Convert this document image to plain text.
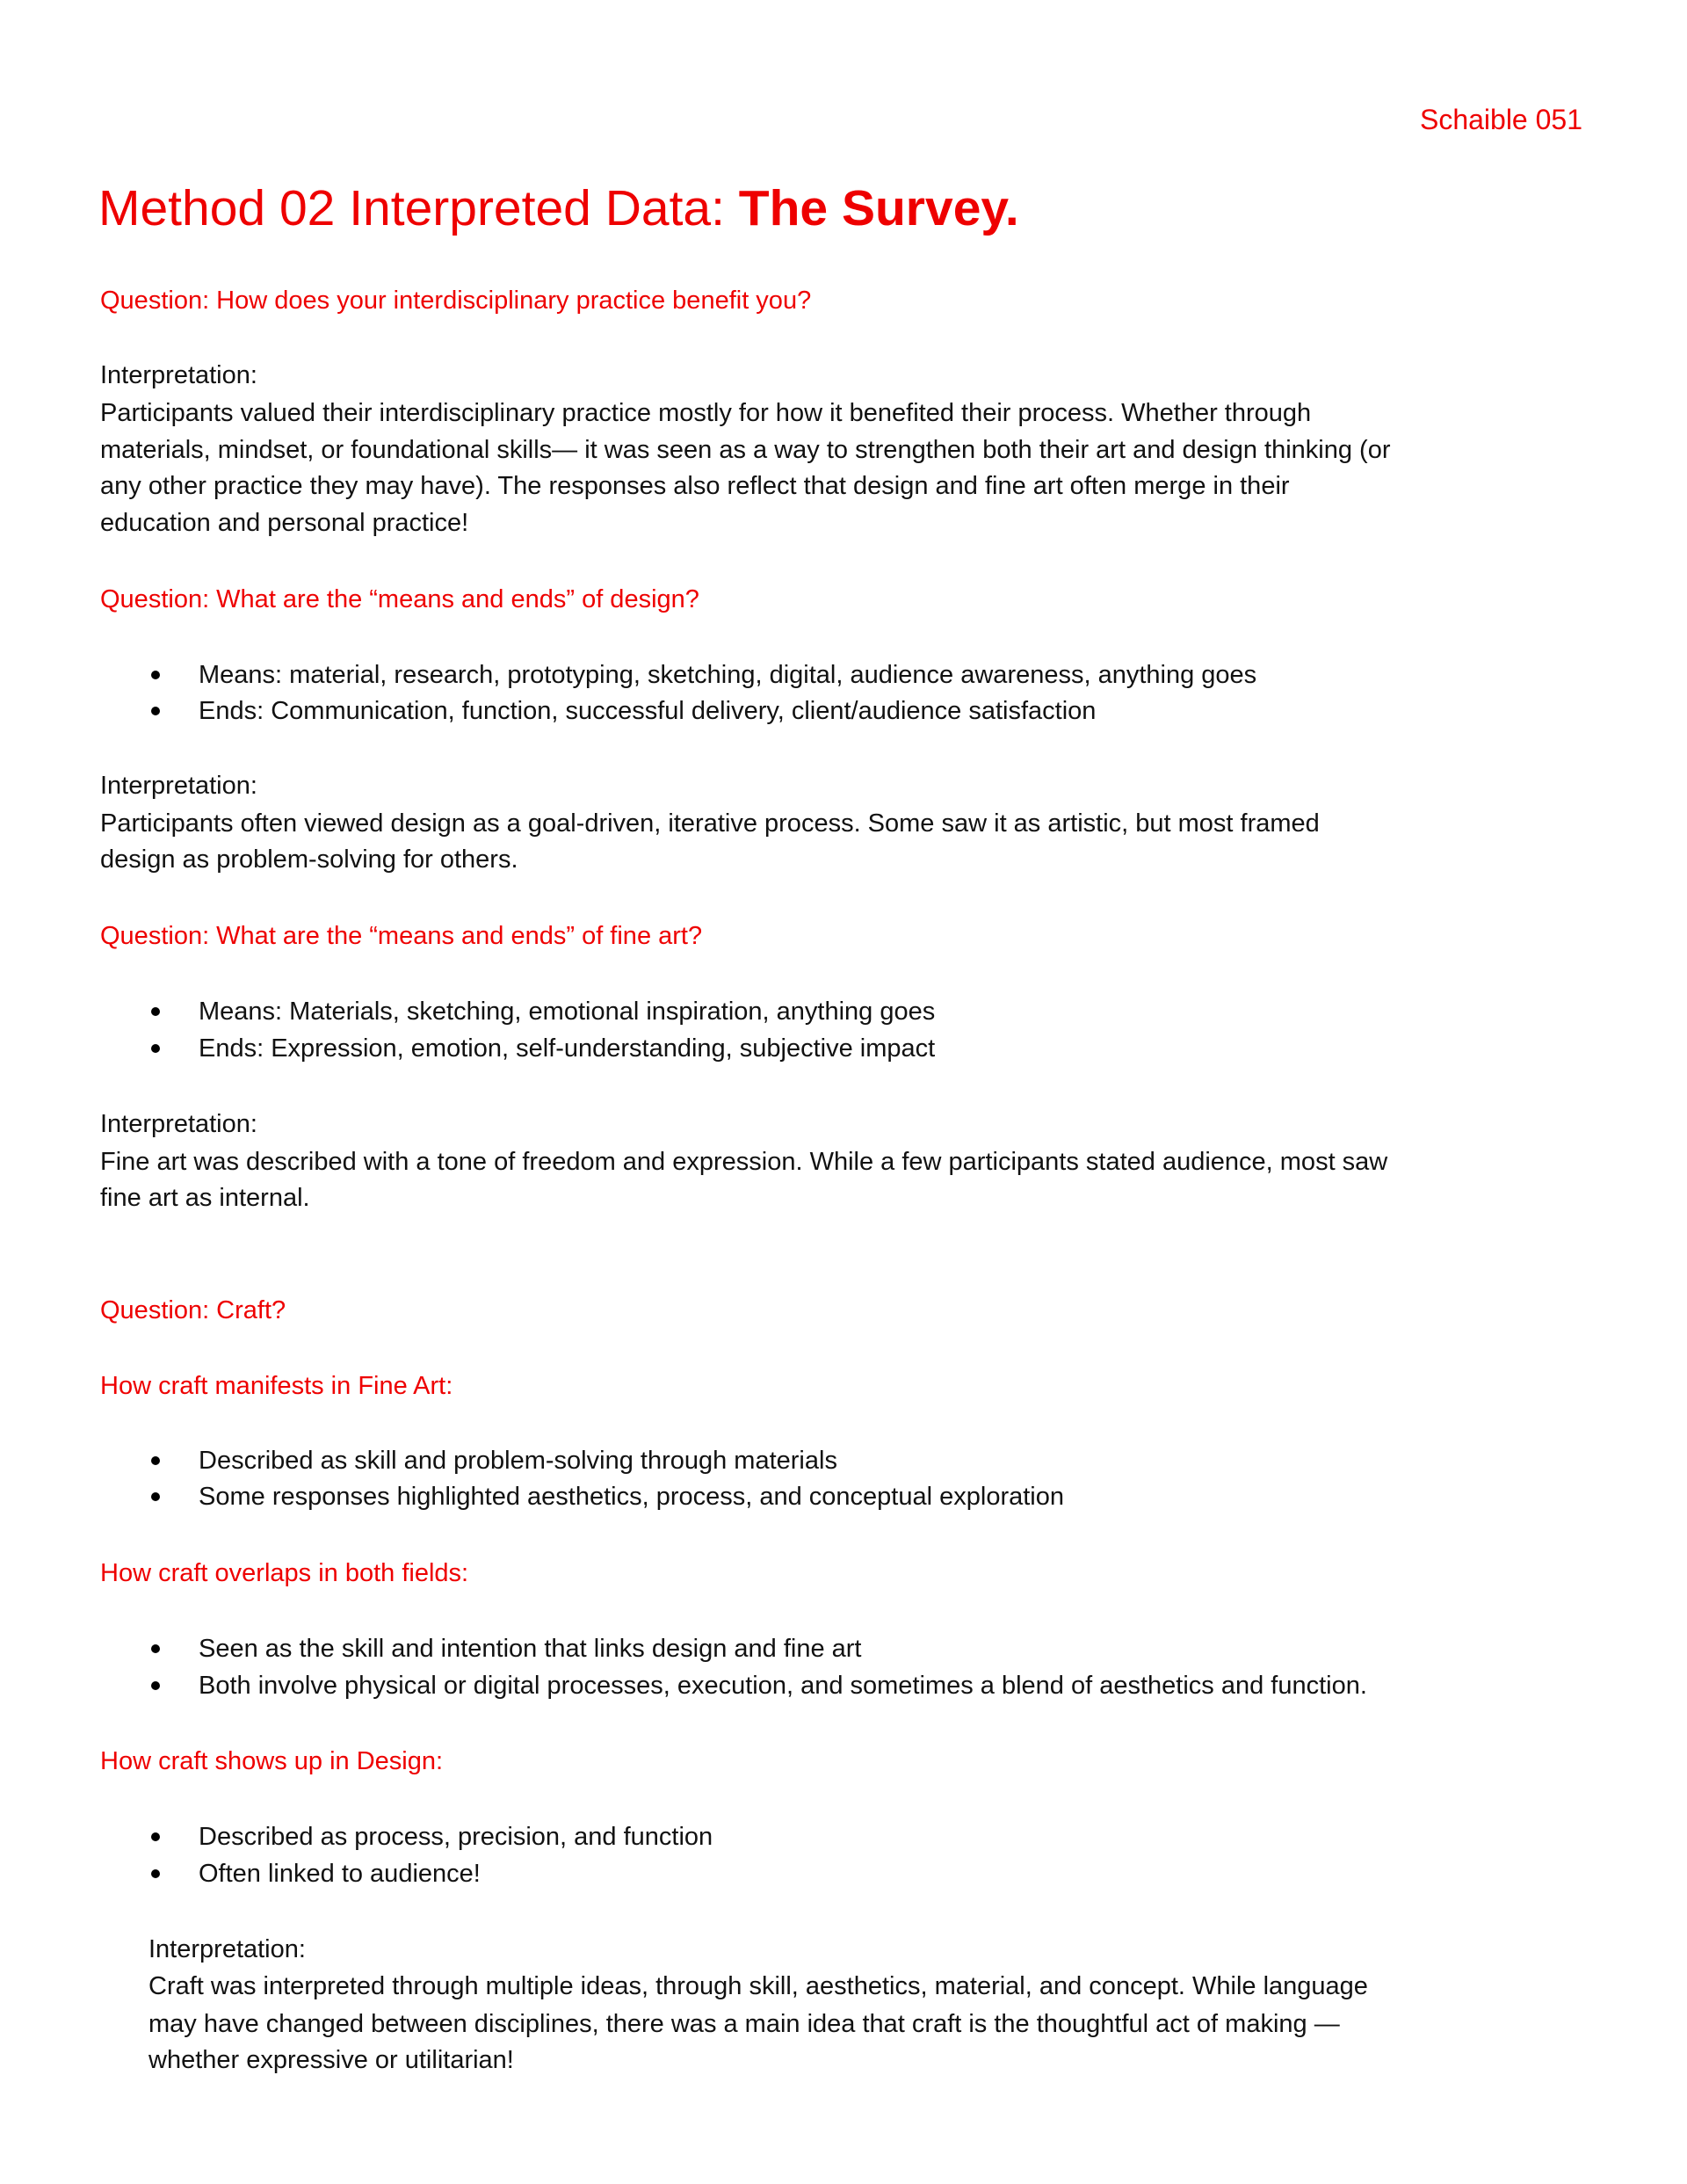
Schaible 051
Method 02 Interpreted Data: The Survey.
Question: How does your interdisciplinary practice benefit you?
Interpretation:
Participants valued their interdisciplinary practice mostly for how it benefited their process. Whether through
materials, mindset, or foundational skills— it was seen as a way to strengthen both their art and design thinking (or
any other practice they may have). The responses also reflect that design and fine art often merge in their
education and personal practice!
Question: What are the “means and ends” of design?
Means: material, research, prototyping, sketching, digital, audience awareness, anything goes
Ends: Communication, function, successful delivery, client/audience satisfaction
Interpretation:
Participants often viewed design as a goal-driven, iterative process. Some saw it as artistic, but most framed
design as problem-solving for others.
Question: What are the “means and ends” of fine art?
Means: Materials, sketching, emotional inspiration, anything goes
Ends: Expression, emotion, self-understanding, subjective impact
Interpretation:
Fine art was described with a tone of freedom and expression. While a few participants stated audience, most saw
fine art as internal.
Question: Craft?
How craft manifests in Fine Art:
Described as skill and problem-solving through materials
Some responses highlighted aesthetics, process, and conceptual exploration
How craft overlaps in both fields:
Seen as the skill and intention that links design and fine art
Both involve physical or digital processes, execution, and sometimes a blend of aesthetics and function.
How craft shows up in Design:
Described as process, precision, and function
Often linked to audience!
Interpretation:
Craft was interpreted through multiple ideas, through skill, aesthetics, material, and concept. While language
may have changed between disciplines, there was a main idea that craft is the thoughtful act of making —
whether expressive or utilitarian!
